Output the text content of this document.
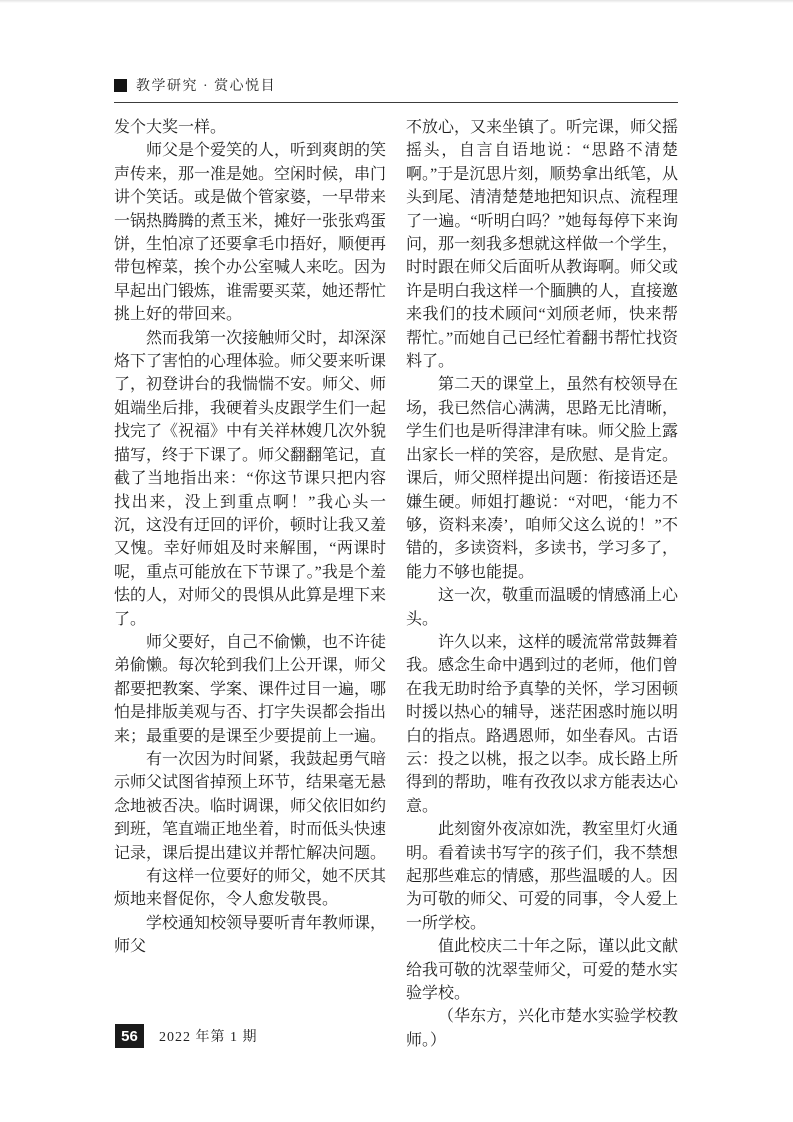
教学研究 · 赏心悦目

发个大奖一样。

师父是个爱笑的人，听到爽朗的笑声传来，那一准是她。空闲时候，串门讲个笑话。或是做个管家婆，一早带来一锅热腾腾的煮玉米，摊好一张张鸡蛋饼，生怕凉了还要拿毛巾捂好，顺便再带包榨菜，挨个办公室喊人来吃。因为早起出门锻炼，谁需要买菜，她还帮忙挑上好的带回来。

然而我第一次接触师父时，却深深烙下了害怕的心理体验。师父要来听课了，初登讲台的我惴惴不安。师父、师姐端坐后排，我硬着头皮跟学生们一起找完了《祝福》中有关祥林嫂几次外貌描写，终于下课了。师父翻翻笔记，直截了当地指出来：“你这节课只把内容找出来，没上到重点啊！”我心头一沉，这没有迂回的评价，顿时让我又羞又愧。幸好师姐及时来解围，“两课时呢，重点可能放在下节课了。”我是个羞怯的人，对师父的畏惧从此算是埋下来了。

师父要好，自己不偷懒，也不许徒弟偷懒。每次轮到我们上公开课，师父都要把教案、学案、课件过目一遍，哪怕是排版美观与否、打字失误都会指出来；最重要的是课至少要提前上一遍。

有一次因为时间紧，我鼓起勇气暗示师父试图省掉预上环节，结果毫无悬念地被否决。临时调课，师父依旧如约到班，笔直端正地坐着，时而低头快速记录，课后提出建议并帮忙解决问题。

有这样一位要好的师父，她不厌其烦地来督促你，令人愈发敬畏。

学校通知校领导要听青年教师课，师父

不放心，又来坐镇了。听完课，师父摇摇头，自言自语地说：“思路不清楚啊。”于是沉思片刻，顺势拿出纸笔，从头到尾、清清楚楚地把知识点、流程理了一遍。“听明白吗？”她每每停下来询问，那一刻我多想就这样做一个学生，时时跟在师父后面听从教诲啊。师父或许是明白我这样一个腼腆的人，直接邀来我们的技术顾问“刘颀老师，快来帮帮忙。”而她自己已经忙着翻书帮忙找资料了。

第二天的课堂上，虽然有校领导在场，我已然信心满满，思路无比清晰，学生们也是听得津津有味。师父脸上露出家长一样的笑容，是欣慰、是肯定。课后，师父照样提出问题：衔接语还是嫌生硬。师姐打趣说：“对吧，‘能力不够，资料来凑’，咱师父这么说的！”不错的，多读资料，多读书，学习多了，能力不够也能提。

这一次，敬重而温暖的情感涌上心头。

许久以来，这样的暖流常常鼓舞着我。感念生命中遇到过的老师，他们曾在我无助时给予真挚的关怀，学习困顿时援以热心的辅导，迷茫困惑时施以明白的指点。路遇恩师，如坐春风。古语云：投之以桃，报之以李。成长路上所得到的帮助，唯有孜孜以求方能表达心意。

此刻窗外夜凉如洗，教室里灯火通明。看着读书写字的孩子们，我不禁想起那些难忘的情感，那些温暖的人。因为可敬的师父、可爱的同事，令人爱上一所学校。

值此校庆二十年之际，谨以此文献给我可敬的沈翠莹师父，可爱的楚水实验学校。

（华东方，兴化市楚水实验学校教师。）

56	2022 年第 1 期
